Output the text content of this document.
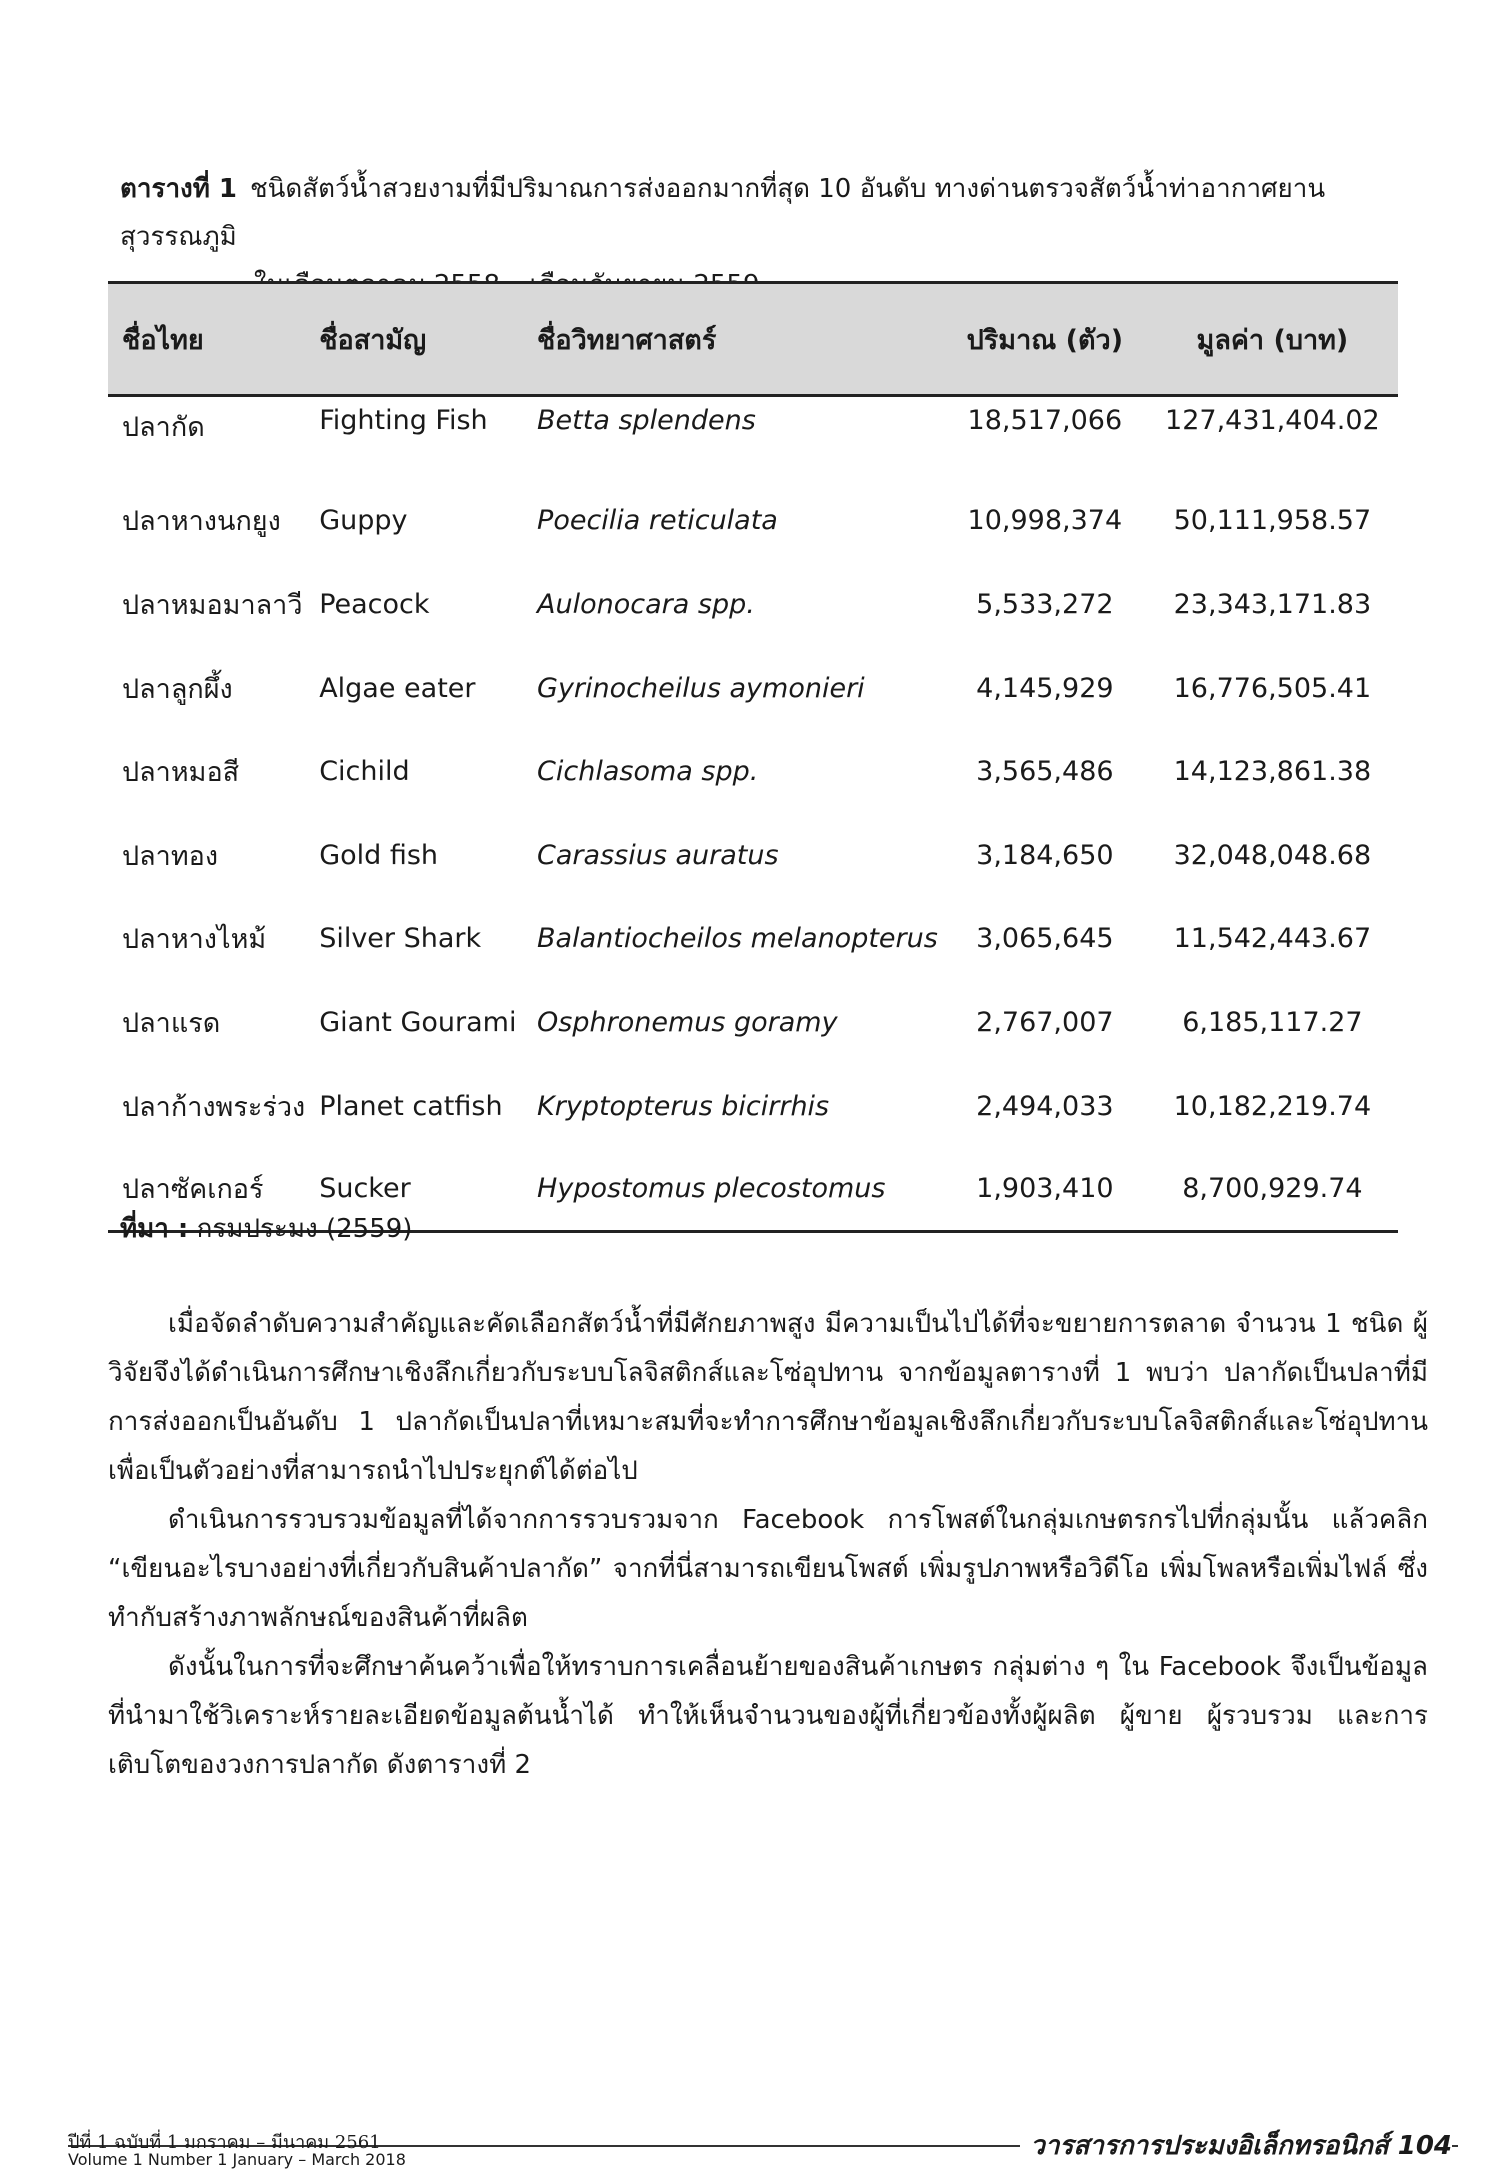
ตารางที่ 1 ชนิดสัตว์น้ำสวยงามที่มีปริมาณการส่งออกมากที่สุด 10 อันดับ ทางด่านตรวจสัตว์น้ำท่าอากาศยานสุวรรณภูมิ
ในเดือนตุลาคม 2558 – เดือนกันยายน 2559
ชื่อไทย	ชื่อสามัญ	ชื่อวิทยาศาสตร์	ปริมาณ (ตัว)	มูลค่า (บาท)
ปลากัด	Fighting Fish	Betta splendens	18,517,066	127,431,404.02
ปลาหางนกยูง	Guppy	Poecilia reticulata	10,998,374	50,111,958.57
ปลาหมอมาลาวี	Peacock	Aulonocara spp.	5,533,272	23,343,171.83
ปลาลูกผึ้ง	Algae eater	Gyrinocheilus aymonieri	4,145,929	16,776,505.41
ปลาหมอสี	Cichild	Cichlasoma spp.	3,565,486	14,123,861.38
ปลาทอง	Gold fish	Carassius auratus	3,184,650	32,048,048.68
ปลาหางไหม้	Silver Shark	Balantiocheilos melanopterus	3,065,645	11,542,443.67
ปลาแรด	Giant Gourami	Osphronemus goramy	2,767,007	6,185,117.27
ปลาก้างพระร่วง	Planet catfish	Kryptopterus bicirrhis	2,494,033	10,182,219.74
ปลาซัคเกอร์	Sucker	Hypostomus plecostomus	1,903,410	8,700,929.74
ที่มา : กรมประมง (2559)

เมื่อจัดลำดับความสำคัญและคัดเลือกสัตว์น้ำที่มีศักยภาพสูง มีความเป็นไปได้ที่จะขยายการตลาด จำนวน 1 ชนิด ผู้วิจัยจึงได้ดำเนินการศึกษาเชิงลึกเกี่ยวกับระบบโลจิสติกส์และโซ่อุปทาน จากข้อมูลตารางที่ 1 พบว่า ปลากัดเป็นปลาที่มีการส่งออกเป็นอันดับ 1 ปลากัดเป็นปลาที่เหมาะสมที่จะทำการศึกษาข้อมูลเชิงลึกเกี่ยวกับระบบโลจิสติกส์และโซ่อุปทานเพื่อเป็นตัวอย่างที่สามารถนำไปประยุกต์ได้ต่อไป

ดำเนินการรวบรวมข้อมูลที่ได้จากการรวบรวมจาก Facebook การโพสต์ในกลุ่มเกษตรกรไปที่กลุ่มนั้น แล้วคลิก “เขียนอะไรบางอย่างที่เกี่ยวกับสินค้าปลากัด” จากที่นี่สามารถเขียนโพสต์ เพิ่มรูปภาพหรือวิดีโอ เพิ่มโพลหรือเพิ่มไฟล์ ซึ่งทำกับสร้างภาพลักษณ์ของสินค้าที่ผลิต

ดังนั้นในการที่จะศึกษาค้นคว้าเพื่อให้ทราบการเคลื่อนย้ายของสินค้าเกษตร กลุ่มต่าง ๆ ใน Facebook จึงเป็นข้อมูลที่นำมาใช้วิเคราะห์รายละเอียดข้อมูลต้นน้ำได้ ทำให้เห็นจำนวนของผู้ที่เกี่ยวข้องทั้งผู้ผลิต ผู้ขาย ผู้รวบรวม และการเติบโตของวงการปลากัด ดังตารางที่ 2

ปีที่ 1 ฉบับที่ 1 มกราคม – มีนาคม 2561
Volume 1 Number 1 January – March 2018	วารสารการประมงอิเล็กทรอนิกส์ 104
